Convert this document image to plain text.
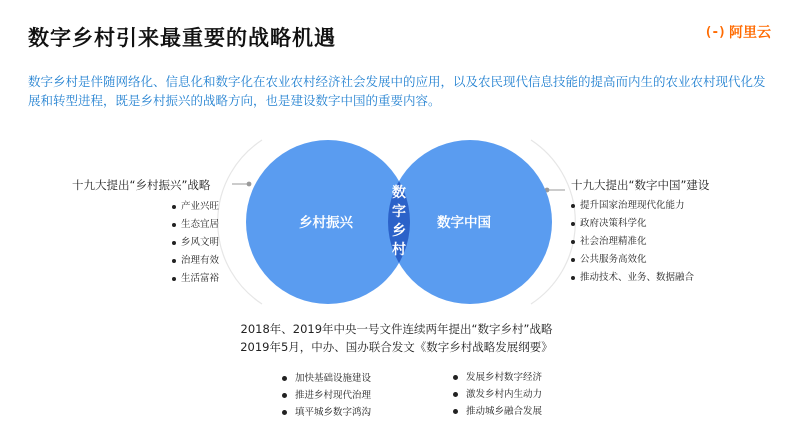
数字乡村引来最重要的战略机遇	(-) 阿里云
数字乡村是伴随网络化、信息化和数字化在农业农村经济社会发展中的应用，以及农民现代信息技能的提高而内生的农业农村现代化发展和转型进程，既是乡村振兴的战略方向，也是建设数字中国的重要内容。
乡村振兴	数字中国
数
字
乡
村
十九大提出“乡村振兴”战略
产业兴旺
生态宜居
乡风文明
治理有效
生活富裕
十九大提出“数字中国”建设
提升国家治理现代化能力
政府决策科学化
社会治理精准化
公共服务高效化
推动技术、业务、数据融合
2018年、2019年中央一号文件连续两年提出“数字乡村”战略
2019年5月，中办、国办联合发文《数字乡村战略发展纲要》
加快基础设施建设
推进乡村现代治理
填平城乡数字鸿沟
发展乡村数字经济
激发乡村内生动力
推动城乡融合发展
